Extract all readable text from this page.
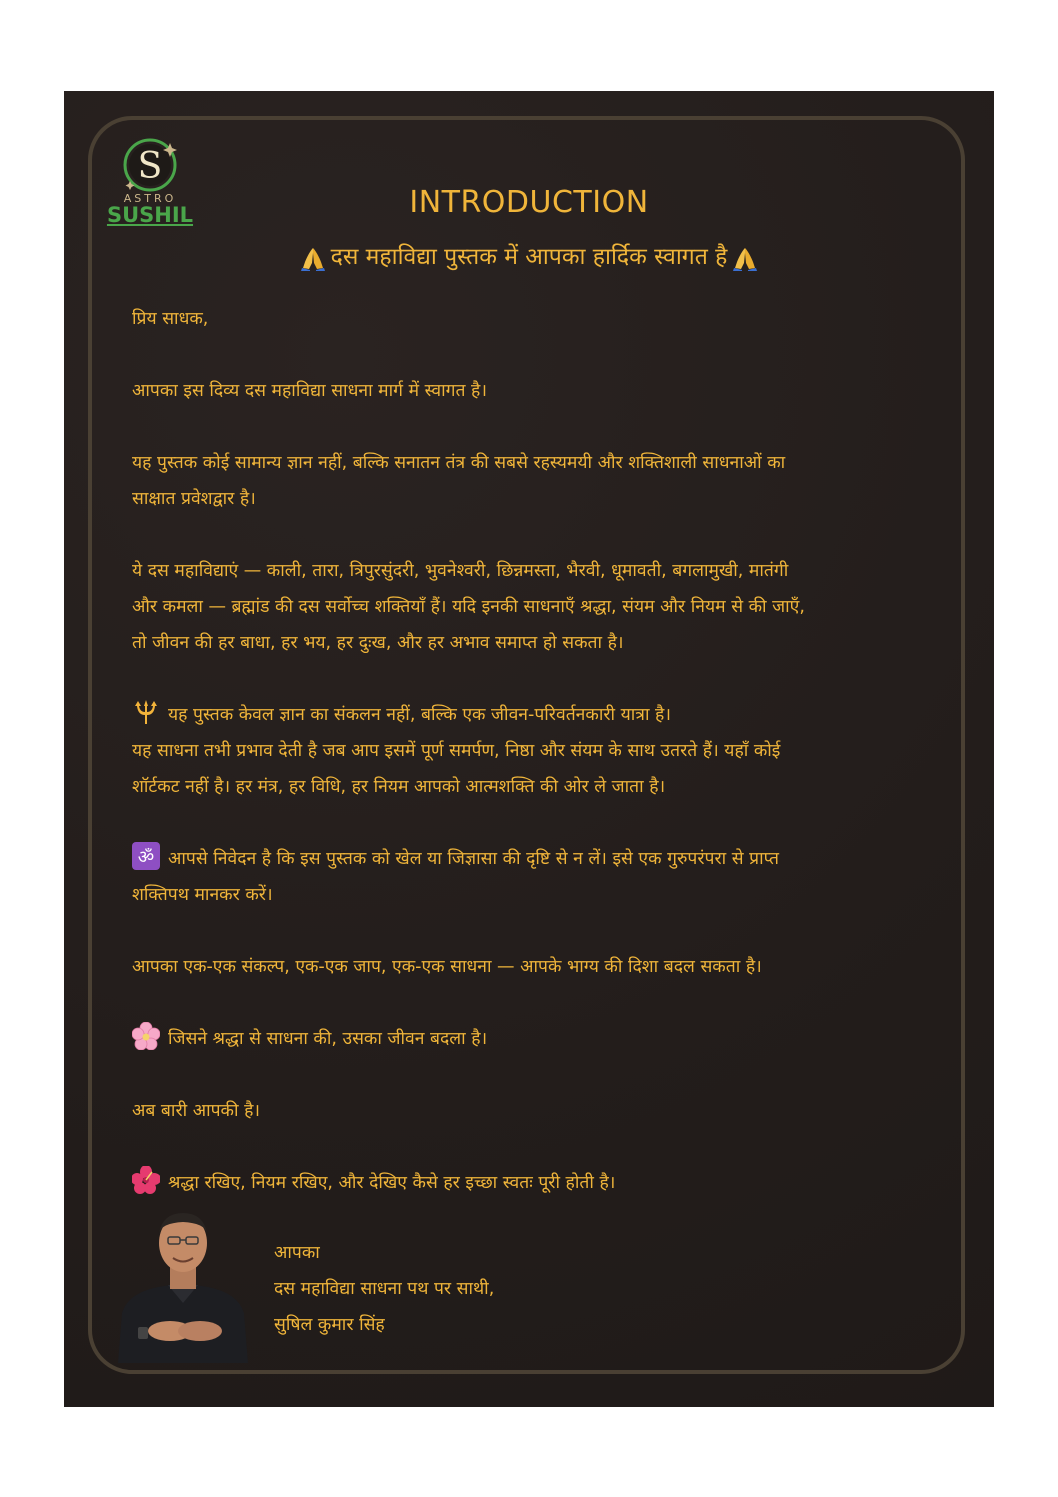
S
ASTRO
SUSHIL	INTRODUCTION
दस महाविद्या पुस्तक में आपका हार्दिक स्वागत है

प्रिय साधक,

आपका इस दिव्य दस महाविद्या साधना मार्ग में स्वागत है।

यह पुस्तक कोई सामान्य ज्ञान नहीं, बल्कि सनातन तंत्र की सबसे रहस्यमयी और शक्तिशाली साधनाओं का

साक्षात प्रवेशद्वार है।

ये दस महाविद्याएं — काली, तारा, त्रिपुरसुंदरी, भुवनेश्वरी, छिन्नमस्ता, भैरवी, धूमावती, बगलामुखी, मातंगी

और कमला — ब्रह्मांड की दस सर्वोच्च शक्तियाँ हैं। यदि इनकी साधनाएँ श्रद्धा, संयम और नियम से की जाएँ,

तो जीवन की हर बाधा, हर भय, हर दुःख, और हर अभाव समाप्त हो सकता है।

यह पुस्तक केवल ज्ञान का संकलन नहीं, बल्कि एक जीवन-परिवर्तनकारी यात्रा है।

यह साधना तभी प्रभाव देती है जब आप इसमें पूर्ण समर्पण, निष्ठा और संयम के साथ उतरते हैं। यहाँ कोई

शॉर्टकट नहीं है। हर मंत्र, हर विधि, हर नियम आपको आत्मशक्ति की ओर ले जाता है।

ॐ आपसे निवेदन है कि इस पुस्तक को खेल या जिज्ञासा की दृष्टि से न लें। इसे एक गुरुपरंपरा से प्राप्त

शक्तिपथ मानकर करें।

आपका एक-एक संकल्प, एक-एक जाप, एक-एक साधना — आपके भाग्य की दिशा बदल सकता है।

जिसने श्रद्धा से साधना की, उसका जीवन बदला है।

अब बारी आपकी है।

श्रद्धा रखिए, नियम रखिए, और देखिए कैसे हर इच्छा स्वतः पूरी होती है।

आपका
दस महाविद्या साधना पथ पर साथी,
सुषिल कुमार सिंह
